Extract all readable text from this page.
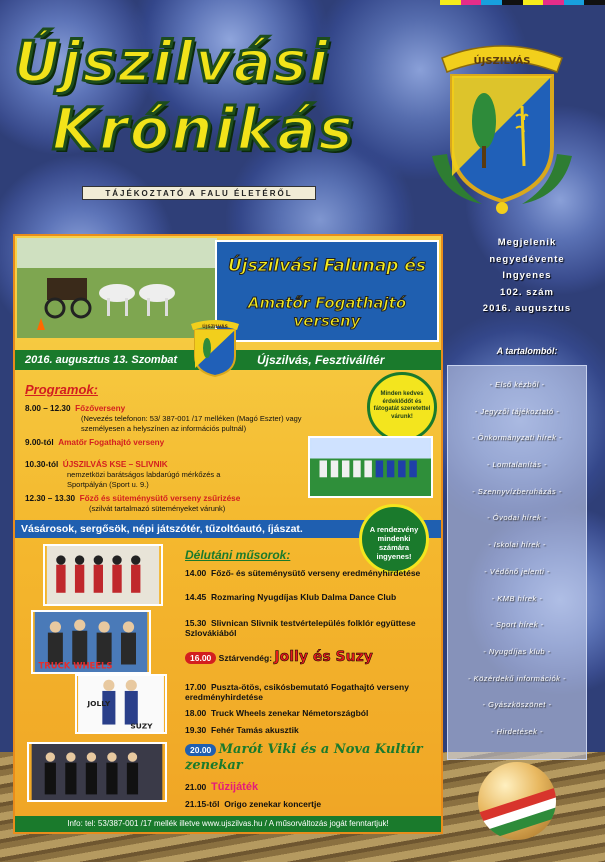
Újszilvási
Krónikás
TÁJÉKOZTATÓ A FALU ÉLETÉRŐL
ÚJSZILVÁS
Megjelenik
negyedévente
Ingyenes
102. szám
2016. augusztus
A tartalomból:
- Első kézből -
- Jegyzői tájékoztató -
- Önkormányzati hírek -
- Lomtalanítás -
- Szennyvízberuházás -
- Óvodai hírek -
- Iskolai hírek -
- Védőnő jelenti -
- KMB hírek -
- Sport hírek -
- Nyugdíjas klub -
- Közérdekű információk -
- Gyászköszönet -
- Hirdetések -
Újszilvási Falunap és
Amatőr Fogathajtó verseny
2016. augusztus 13. Szombat	Újszilvás, Fesztiválítér
ÚJSZILVÁS
Programok:
8.00 – 12.30 Főzőverseny

(Nevezés telefonon: 53/ 387-001 /17 melléken (Magó Eszter) vagy személyesen a helyszínen az információs pultnál)
9.00-tól Amatőr Fogathajtó verseny
10.30-tól ÚJSZILVÁS KSE – SLIVNIK

nemzetközi barátságos labdarúgó mérkőzés a Sportpályán (Sport u. 9.)
12.30 – 13.30 Főző és süteménysütő verseny zsűrizése

(szilvát tartalmazó süteményeket várunk)
Minden kedves érdeklődőt és fátogatát szeretettel várunk!
Vásárosok, sergősök, népi játszótér, tűzoltóautó, íjászat.	A rendezvény mindenki számára ingyenes!
TRUCK WHEELS
JOLLY
SUZY
Délutáni műsorok:
14.00 Főző- és süteménysütő verseny eredményhirdetése
14.45 Rozmaring Nyugdíjas Klub Dalma Dance Club
15.30 Slivnican Slivnik testvértelepülés folklór együttese Szlovákiából
16.00 Sztárvendég: Jolly és Suzy
17.00 Puszta-ötös, csikósbemutató Fogathajtó verseny eredményhirdetése
18.00 Truck Wheels zenekar Németországból
19.30 Fehér Tamás akusztik
20.00 Marót Viki és a Nova Kultúr zenekar
21.00 Tűzijáték
21.15-től Origo zenekar koncertje
Info: tel: 53/387-001 /17 mellék illetve www.ujszilvas.hu / A műsorváltozás jogát fenntartjuk!
